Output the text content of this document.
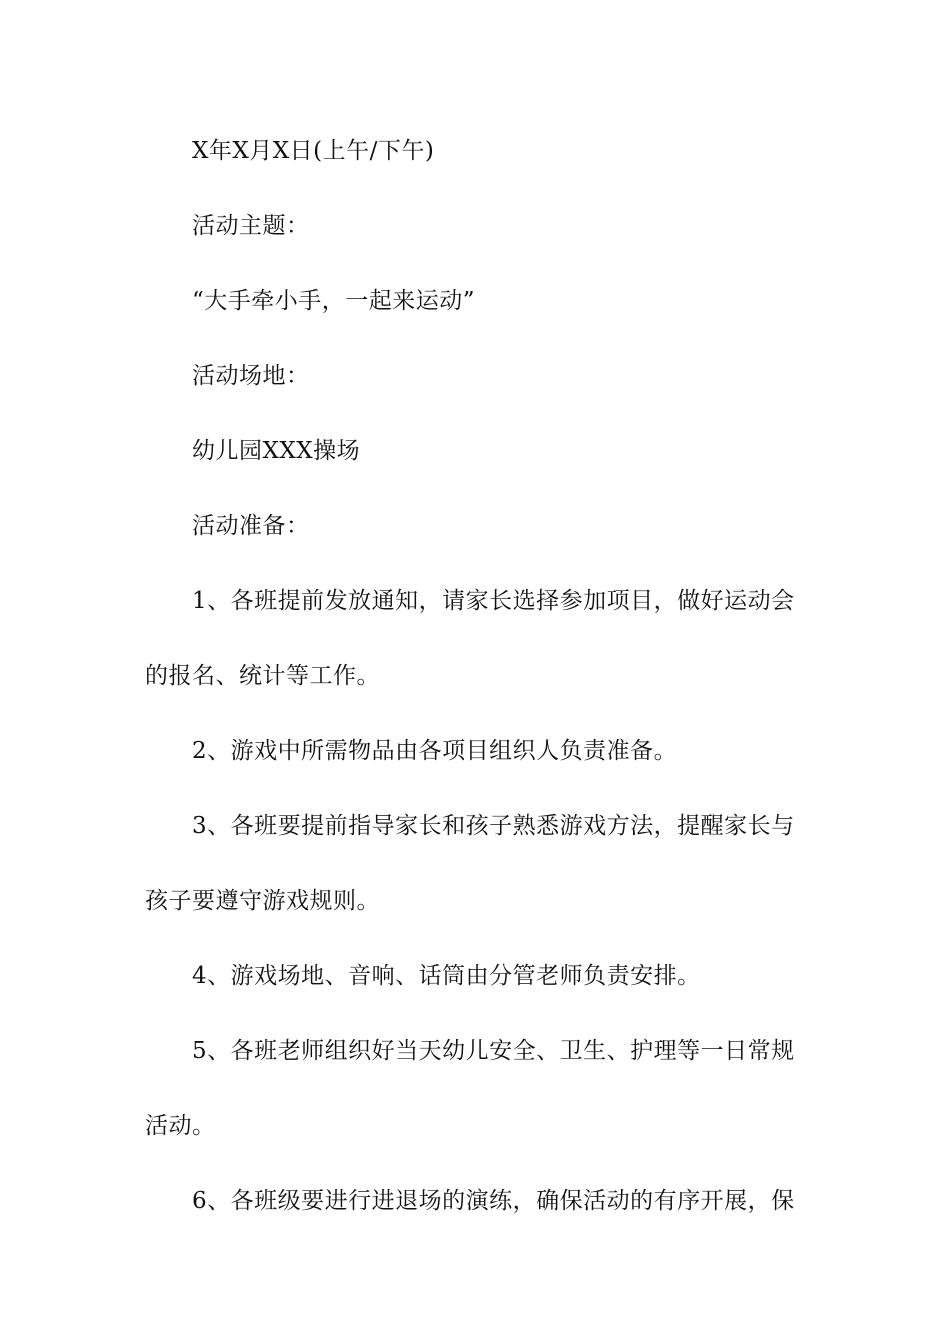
X年X月X日(上午/下午)
活动主题：
“大手牵小手，一起来运动”
活动场地：
幼儿园XXX操场
活动准备：
1、各班提前发放通知，请家长选择参加项目，做好运动会
的报名、统计等工作。
2、游戏中所需物品由各项目组织人负责准备。
3、各班要提前指导家长和孩子熟悉游戏方法，提醒家长与
孩子要遵守游戏规则。
4、游戏场地、音响、话筒由分管老师负责安排。
5、各班老师组织好当天幼儿安全、卫生、护理等一日常规
活动。
6、各班级要进行进退场的演练，确保活动的有序开展，保
